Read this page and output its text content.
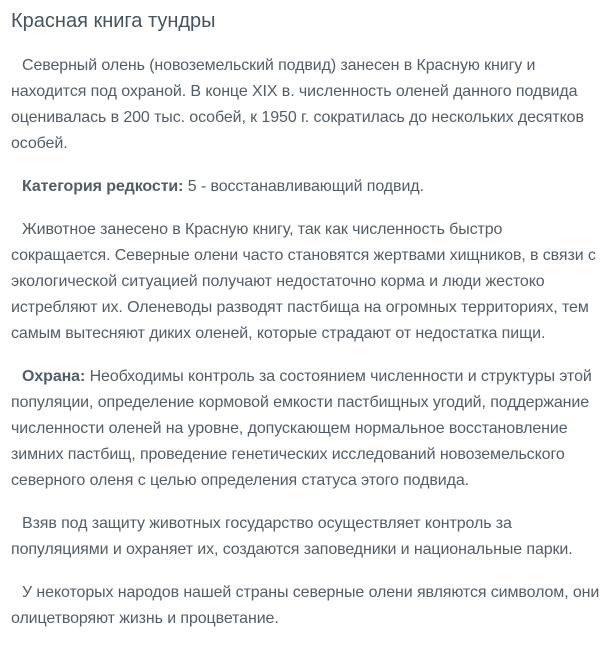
Красная книга тундры

Северный олень (новоземельский подвид) занесен в Красную книгу и находится под охраной. В конце XIX в. численность оленей данного подвида оценивалась в 200 тыс. особей, к 1950 г. сократилась до нескольких десятков особей.

Категория редкости: 5 - восстанавливающий подвид.

Животное занесено в Красную книгу, так как численность быстро сокращается. Северные олени часто становятся жертвами хищников, в связи с экологической ситуацией получают недостаточно корма и люди жестоко истребляют их. Оленеводы разводят пастбища на огромных территориях, тем самым вытесняют диких оленей, которые страдают от недостатка пищи.

Охрана: Необходимы контроль за состоянием численности и структуры этой популяции, определение кормовой емкости пастбищных угодий, поддержание численности оленей на уровне, допускающем нормальное восстановление зимних пастбищ, проведение генетических исследований новоземельского северного оленя с целью определения статуса этого подвида.

Взяв под защиту животных государство осуществляет контроль за популяциями и охраняет их, создаются заповедники и национальные парки.

У некоторых народов нашей страны северные олени являются символом, они олицетворяют жизнь и процветание.
